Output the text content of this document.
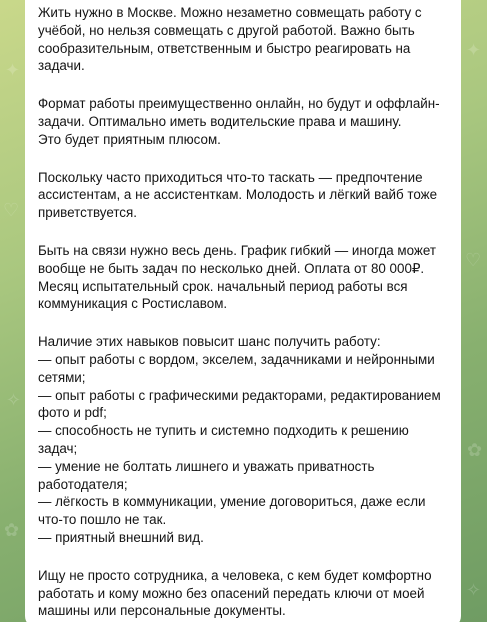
✦
♡
✧
✿
✦
♡
✿
✧

Жить нужно в Москве. Можно незаметно совмещать работу с
учёбой, но нельзя совмещать с другой работой. Важно быть
сообразительным, ответственным и быстро реагировать на
задачи.

Формат работы преимущественно онлайн, но будут и оффлайн-
задачи. Оптимально иметь водительские права и машину.
Это будет приятным плюсом.

Поскольку часто приходиться что-то таскать — предпочтение
ассистентам, а не ассистенткам. Молодость и лёгкий вайб тоже
приветствуется.

Быть на связи нужно весь день. График гибкий — иногда может
вообще не быть задач по несколько дней. Оплата от 80 000₽.
Месяц испытательный срок. начальный период работы вся
коммуникация с Ростиславом.

Наличие этих навыков повысит шанс получить работу:
— опыт работы с вордом, экселем, задачниками и нейронными
сетями;
— опыт работы с графическими редакторами, редактированием
фото и pdf;
— способность не тупить и системно подходить к решению
задач;
— умение не болтать лишнего и уважать приватность
работодателя;
— лёгкость в коммуникации, умение договориться, даже если
что-то пошло не так.
— приятный внешний вид.

Ищу не просто сотрудника, а человека, с кем будет комфортно
работать и кому можно без опасений передать ключи от моей
машины или персональные документы.
